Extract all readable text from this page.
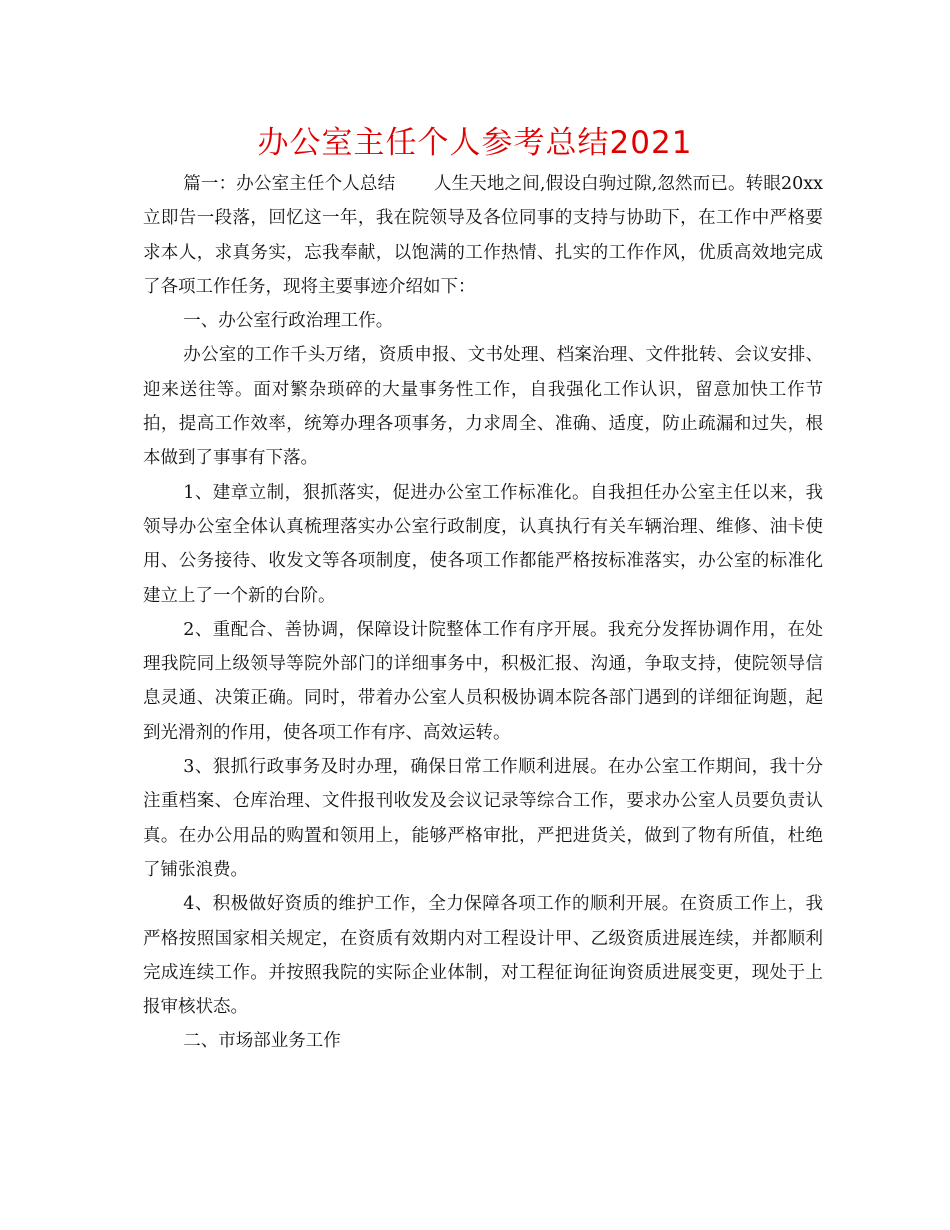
办公室主任个人参考总结2021

篇一：办公室主任个人总结 人生天地之间,假设白驹过隙,忽然而已。转眼20xx立即告一段落，回忆这一年，我在院领导及各位同事的支持与协助下，在工作中严格要求本人，求真务实，忘我奉献，以饱满的工作热情、扎实的工作作风，优质高效地完成了各项工作任务，现将主要事迹介绍如下：

一、办公室行政治理工作。

办公室的工作千头万绪，资质申报、文书处理、档案治理、文件批转、会议安排、迎来送往等。面对繁杂琐碎的大量事务性工作，自我强化工作认识，留意加快工作节拍，提高工作效率，统筹办理各项事务，力求周全、准确、适度，防止疏漏和过失，根本做到了事事有下落。

1、建章立制，狠抓落实，促进办公室工作标准化。自我担任办公室主任以来，我领导办公室全体认真梳理落实办公室行政制度，认真执行有关车辆治理、维修、油卡使用、公务接待、收发文等各项制度，使各项工作都能严格按标准落实，办公室的标准化建立上了一个新的台阶。

2、重配合、善协调，保障设计院整体工作有序开展。我充分发挥协调作用，在处理我院同上级领导等院外部门的详细事务中，积极汇报、沟通，争取支持，使院领导信息灵通、决策正确。同时，带着办公室人员积极协调本院各部门遇到的详细征询题，起到光滑剂的作用，使各项工作有序、高效运转。

3、狠抓行政事务及时办理，确保日常工作顺利进展。在办公室工作期间，我十分注重档案、仓库治理、文件报刊收发及会议记录等综合工作，要求办公室人员要负责认真。在办公用品的购置和领用上，能够严格审批，严把进货关，做到了物有所值，杜绝了铺张浪费。

4、积极做好资质的维护工作，全力保障各项工作的顺利开展。在资质工作上，我严格按照国家相关规定，在资质有效期内对工程设计甲、乙级资质进展连续，并都顺利完成连续工作。并按照我院的实际企业体制，对工程征询征询资质进展变更，现处于上报审核状态。

二、市场部业务工作
